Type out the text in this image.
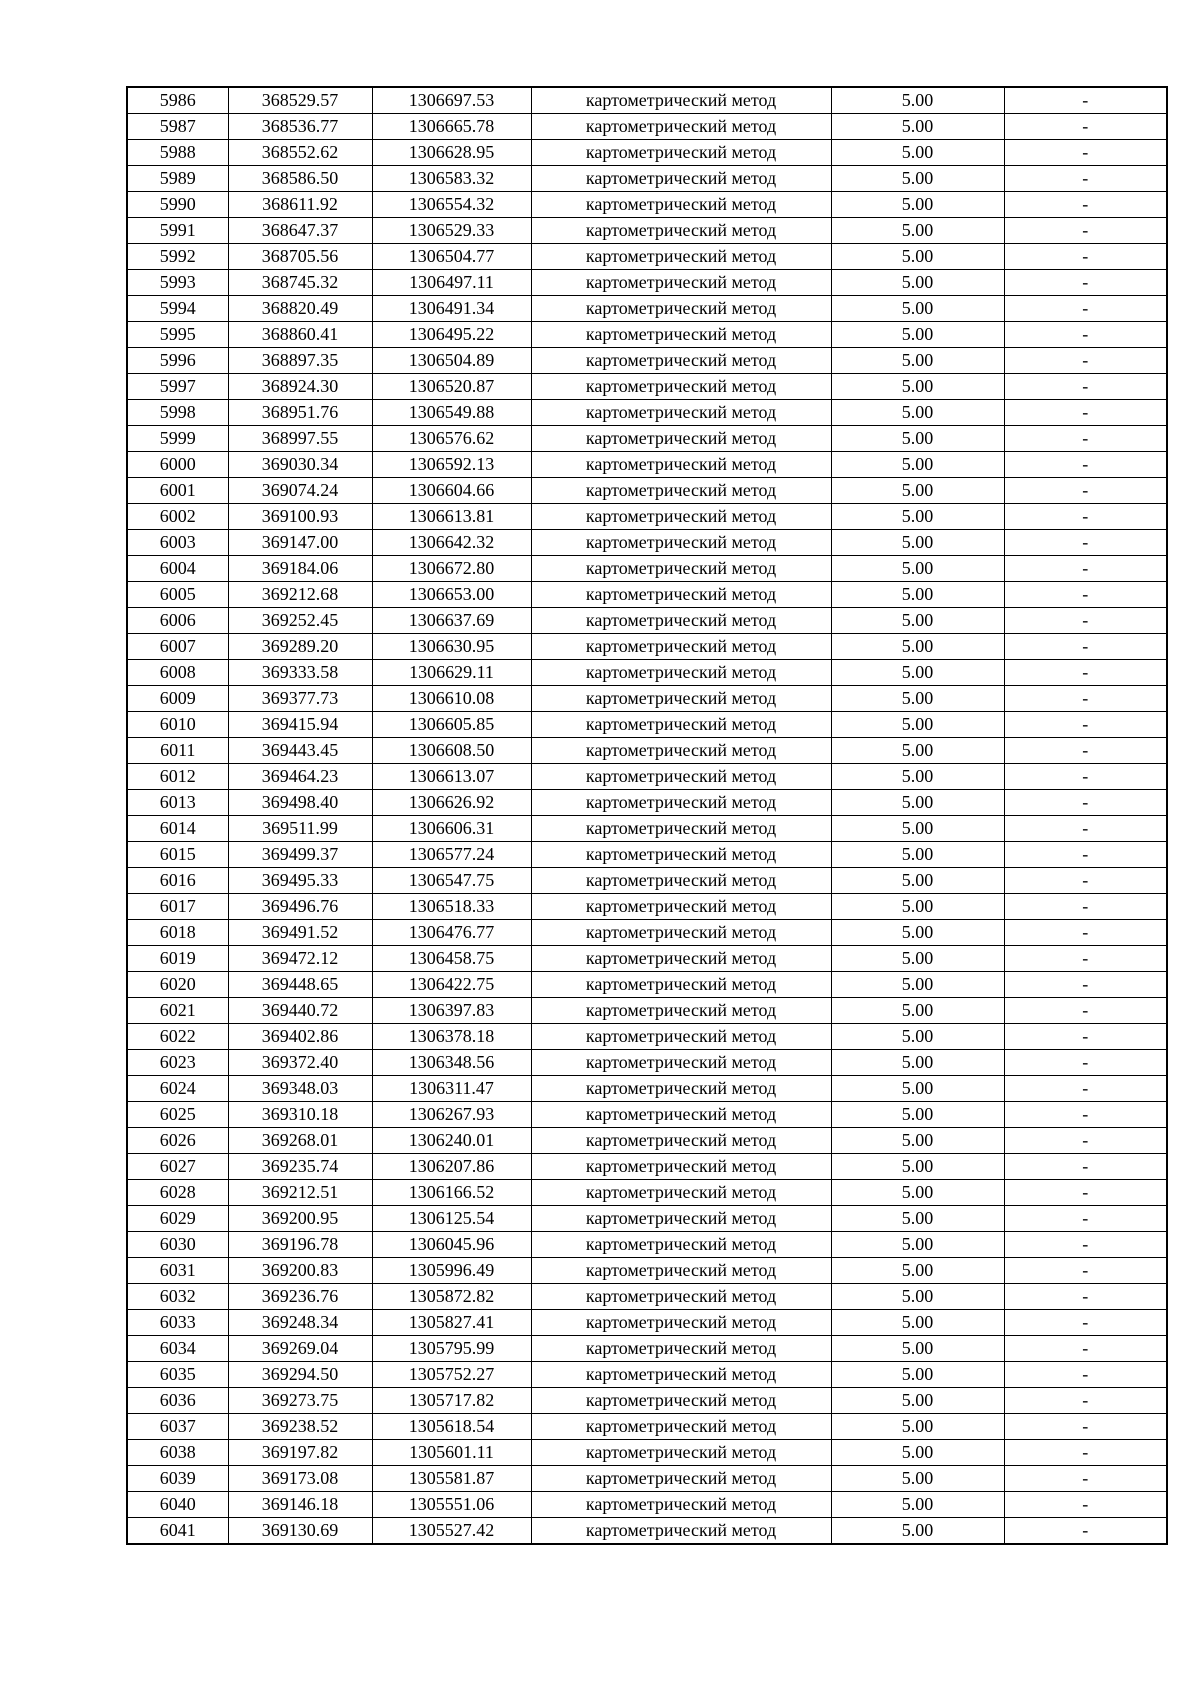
5986	368529.57	1306697.53	картометрический метод	5.00	-
5987	368536.77	1306665.78	картометрический метод	5.00	-
5988	368552.62	1306628.95	картометрический метод	5.00	-
5989	368586.50	1306583.32	картометрический метод	5.00	-
5990	368611.92	1306554.32	картометрический метод	5.00	-
5991	368647.37	1306529.33	картометрический метод	5.00	-
5992	368705.56	1306504.77	картометрический метод	5.00	-
5993	368745.32	1306497.11	картометрический метод	5.00	-
5994	368820.49	1306491.34	картометрический метод	5.00	-
5995	368860.41	1306495.22	картометрический метод	5.00	-
5996	368897.35	1306504.89	картометрический метод	5.00	-
5997	368924.30	1306520.87	картометрический метод	5.00	-
5998	368951.76	1306549.88	картометрический метод	5.00	-
5999	368997.55	1306576.62	картометрический метод	5.00	-
6000	369030.34	1306592.13	картометрический метод	5.00	-
6001	369074.24	1306604.66	картометрический метод	5.00	-
6002	369100.93	1306613.81	картометрический метод	5.00	-
6003	369147.00	1306642.32	картометрический метод	5.00	-
6004	369184.06	1306672.80	картометрический метод	5.00	-
6005	369212.68	1306653.00	картометрический метод	5.00	-
6006	369252.45	1306637.69	картометрический метод	5.00	-
6007	369289.20	1306630.95	картометрический метод	5.00	-
6008	369333.58	1306629.11	картометрический метод	5.00	-
6009	369377.73	1306610.08	картометрический метод	5.00	-
6010	369415.94	1306605.85	картометрический метод	5.00	-
6011	369443.45	1306608.50	картометрический метод	5.00	-
6012	369464.23	1306613.07	картометрический метод	5.00	-
6013	369498.40	1306626.92	картометрический метод	5.00	-
6014	369511.99	1306606.31	картометрический метод	5.00	-
6015	369499.37	1306577.24	картометрический метод	5.00	-
6016	369495.33	1306547.75	картометрический метод	5.00	-
6017	369496.76	1306518.33	картометрический метод	5.00	-
6018	369491.52	1306476.77	картометрический метод	5.00	-
6019	369472.12	1306458.75	картометрический метод	5.00	-
6020	369448.65	1306422.75	картометрический метод	5.00	-
6021	369440.72	1306397.83	картометрический метод	5.00	-
6022	369402.86	1306378.18	картометрический метод	5.00	-
6023	369372.40	1306348.56	картометрический метод	5.00	-
6024	369348.03	1306311.47	картометрический метод	5.00	-
6025	369310.18	1306267.93	картометрический метод	5.00	-
6026	369268.01	1306240.01	картометрический метод	5.00	-
6027	369235.74	1306207.86	картометрический метод	5.00	-
6028	369212.51	1306166.52	картометрический метод	5.00	-
6029	369200.95	1306125.54	картометрический метод	5.00	-
6030	369196.78	1306045.96	картометрический метод	5.00	-
6031	369200.83	1305996.49	картометрический метод	5.00	-
6032	369236.76	1305872.82	картометрический метод	5.00	-
6033	369248.34	1305827.41	картометрический метод	5.00	-
6034	369269.04	1305795.99	картометрический метод	5.00	-
6035	369294.50	1305752.27	картометрический метод	5.00	-
6036	369273.75	1305717.82	картометрический метод	5.00	-
6037	369238.52	1305618.54	картометрический метод	5.00	-
6038	369197.82	1305601.11	картометрический метод	5.00	-
6039	369173.08	1305581.87	картометрический метод	5.00	-
6040	369146.18	1305551.06	картометрический метод	5.00	-
6041	369130.69	1305527.42	картометрический метод	5.00	-
